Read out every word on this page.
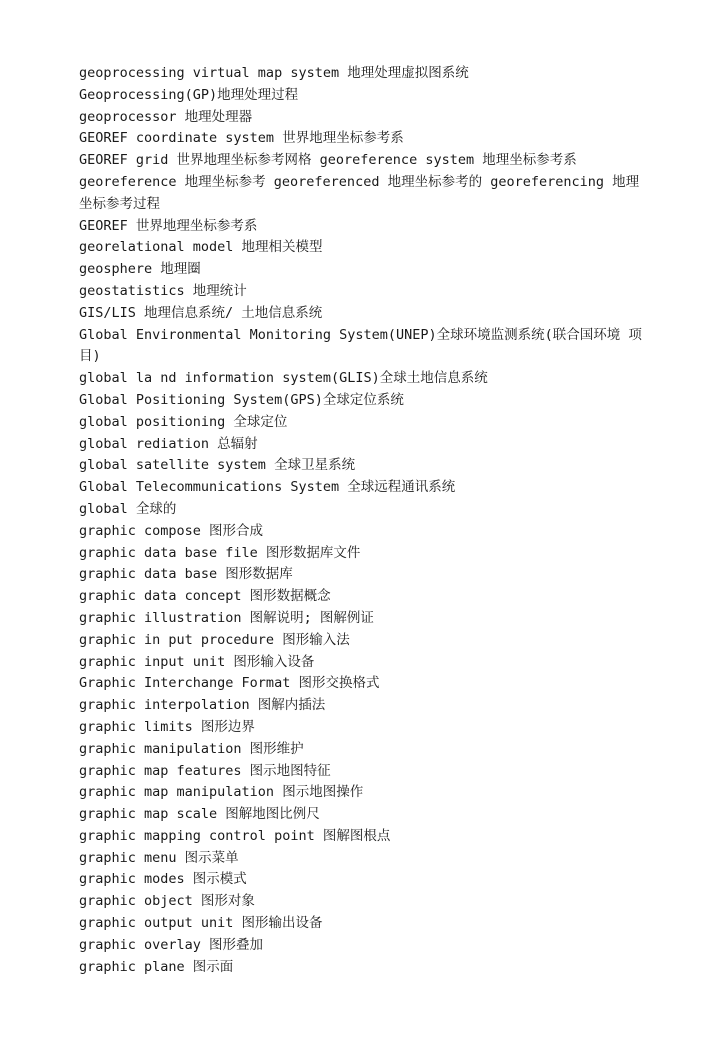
geoprocessing virtual map system 地理处理虚拟图系统
Geoprocessing(GP)地理处理过程
geoprocessor 地理处理器
GEOREF coordinate system 世界地理坐标参考系
GEOREF grid 世界地理坐标参考网格 georeference system 地理坐标参考系
georeference 地理坐标参考 georeferenced 地理坐标参考的 georeferencing 地理坐标参考过程
GEOREF 世界地理坐标参考系
georelational model 地理相关模型
geosphere 地理圈
geostatistics 地理统计
GIS/LIS 地理信息系统/ 土地信息系统
Global Environmental Monitoring System(UNEP)全球环境监测系统(联合国环境 项目)
global la nd information system(GLIS)全球土地信息系统
Global Positioning System(GPS)全球定位系统
global positioning 全球定位
global rediation 总辐射
global satellite system 全球卫星系统
Global Telecommunications System 全球远程通讯系统
global 全球的
graphic compose 图形合成
graphic data base file 图形数据库文件
graphic data base 图形数据库
graphic data concept 图形数据概念
graphic illustration 图解说明; 图解例证
graphic in put procedure 图形输入法
graphic input unit 图形输入设备
Graphic Interchange Format 图形交换格式
graphic interpolation 图解内插法
graphic limits 图形边界
graphic manipulation 图形维护
graphic map features 图示地图特征
graphic map manipulation 图示地图操作
graphic map scale 图解地图比例尺
graphic mapping control point 图解图根点
graphic menu 图示菜单
graphic modes 图示模式
graphic object 图形对象
graphic output unit 图形输出设备
graphic overlay 图形叠加
graphic plane 图示面
